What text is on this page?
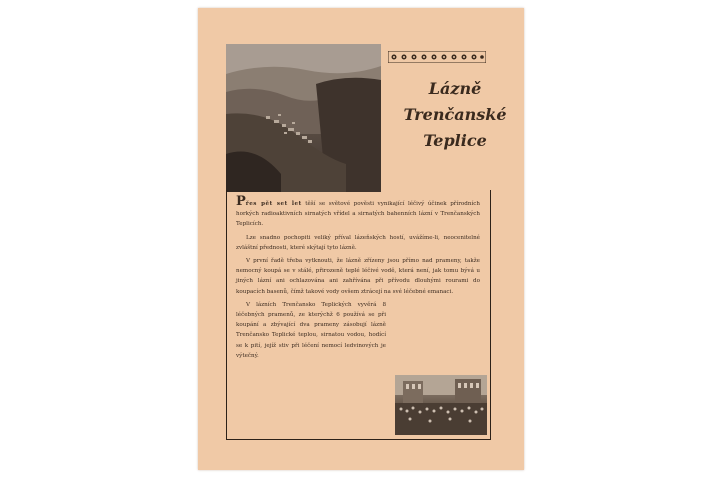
Lázně
Trenčanské
Teplice

Přes pět set let těší se světové pověsti vynikající léčivý účinek přírodních horkých radioaktivních sirnatých vřídel a sirnatých bahenních lázní v Trenčanských Teplicích.

Lze snadno pochopiti veliký příval lázeňských hostí, uvážíme-li, neocenitelné zvláštní přednosti, které skýtají tyto lázně.

V první řadě třeba vytknouti, že lázně zřízeny jsou přímo nad prameny, takže nemocný koupá se v stálé, přirozeně teplé léčivé vodě, která není, jak tomu bývá u jiných lázní ani ochlazována ani zahřívána při přívodu dlouhými rourami do koupacích basenů, čímž takové vody ovšem ztrácejí na své léčebné emanaci.

V lázních Trenčansko Teplických vyvěrá 8 léčebných pramenů, ze kterýchž 6 používá se při koupání a zbývající dva prameny zásobují lázně Trenčansko Teplické teplou, sirnatou vodou, hodící se k pití, jejíž stiv při léčení nemocí ledvinových je výtečný.
